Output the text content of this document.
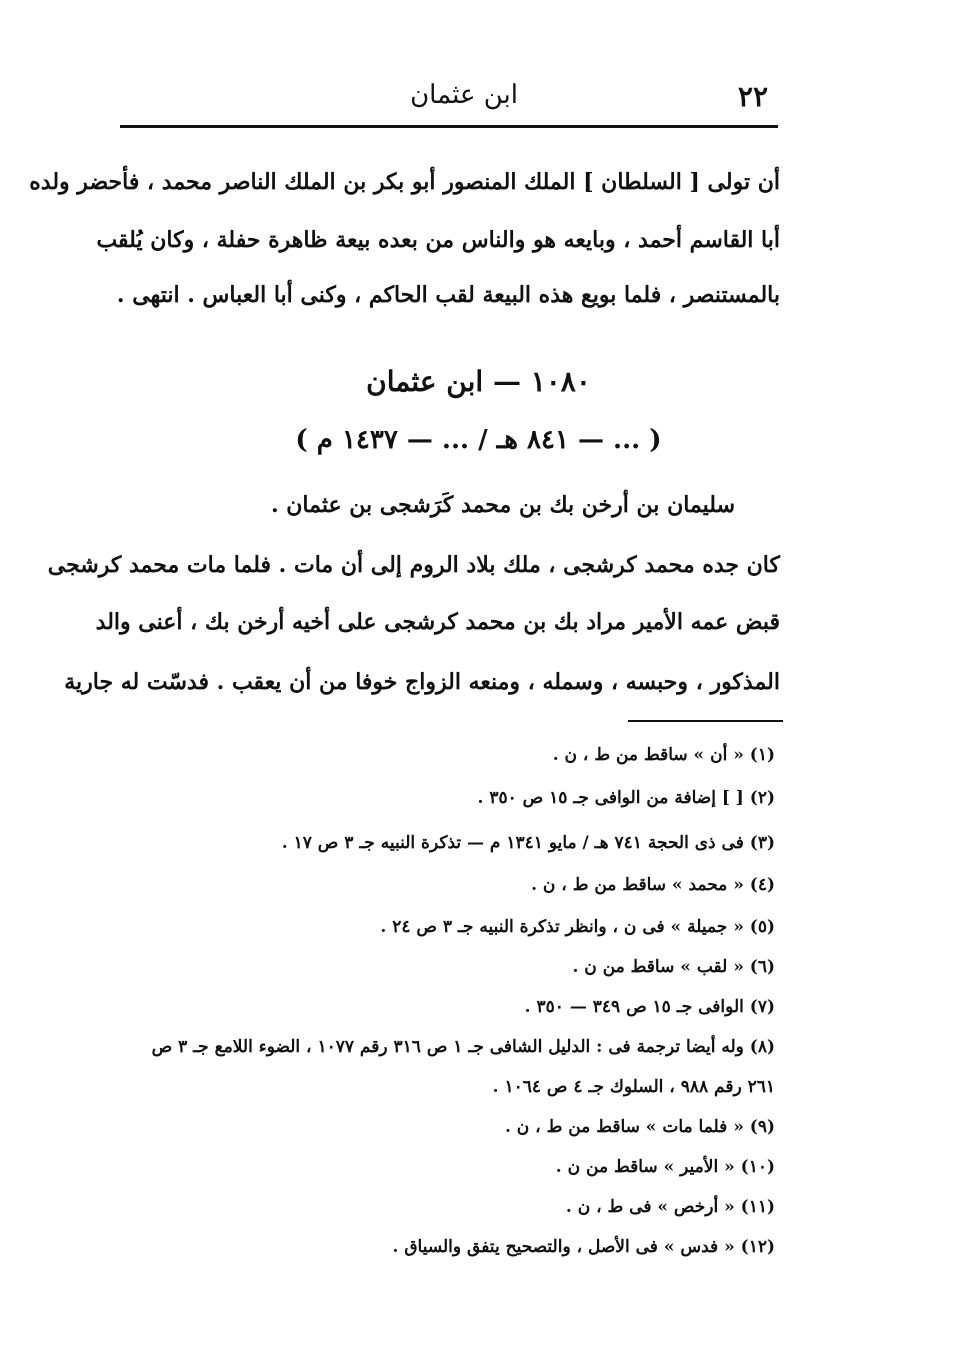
٢٢
ابن عثمان
أن تولى [ السلطان ] الملك المنصور أبو بكر بن الملك الناصر محمد ، فأحضر ولده
أبا القاسم أحمد ، وبايعه هو والناس من بعده بيعة ظاهرة حفلة ، وكان يُلقب
بالمستنصر ، فلما بويع هذه البيعة لقب الحاكم ، وكنى أبا العباس . انتهى .
١٠٨٠ — ابن عثمان
( ... — ٨٤١ هـ / ... — ١٤٣٧ م )
سليمان بن أرخن بك بن محمد كَرَشجى بن عثمان .
كان جده محمد كرشجى ، ملك بلاد الروم إلى أن مات . فلما مات محمد كرشجى
قبض عمه الأمير مراد بك بن محمد كرشجى على أخيه أرخن بك ، أعنى والد
المذكور ، وحبسه ، وسمله ، ومنعه الزواج خوفا من أن يعقب . فدسّت له جارية
(١) « أن » ساقط من ط ، ن .
(٢) [ ] إضافة من الوافى جـ ١٥ ص ٣٥٠ .
(٣) فى ذى الحجة ٧٤١ هـ / مايو ١٣٤١ م — تذكرة النبيه جـ ٣ ص ١٧ .
(٤) « محمد » ساقط من ط ، ن .
(٥) « جميلة » فى ن ، وانظر تذكرة النبيه جـ ٣ ص ٢٤ .
(٦) « لقب » ساقط من ن .
(٧) الوافى جـ ١٥ ص ٣٤٩ — ٣٥٠ .
(٨) وله أيضا ترجمة فى : الدليل الشافى جـ ١ ص ٣١٦ رقم ١٠٧٧ ، الضوء اللامع جـ ٣ ص
٢٦١ رقم ٩٨٨ ، السلوك جـ ٤ ص ١٠٦٤ .
(٩) « فلما مات » ساقط من ط ، ن .
(١٠) « الأمير » ساقط من ن .
(١١) « أرخص » فى ط ، ن .
(١٢) « فدس » فى الأصل ، والتصحيح يتفق والسياق .
